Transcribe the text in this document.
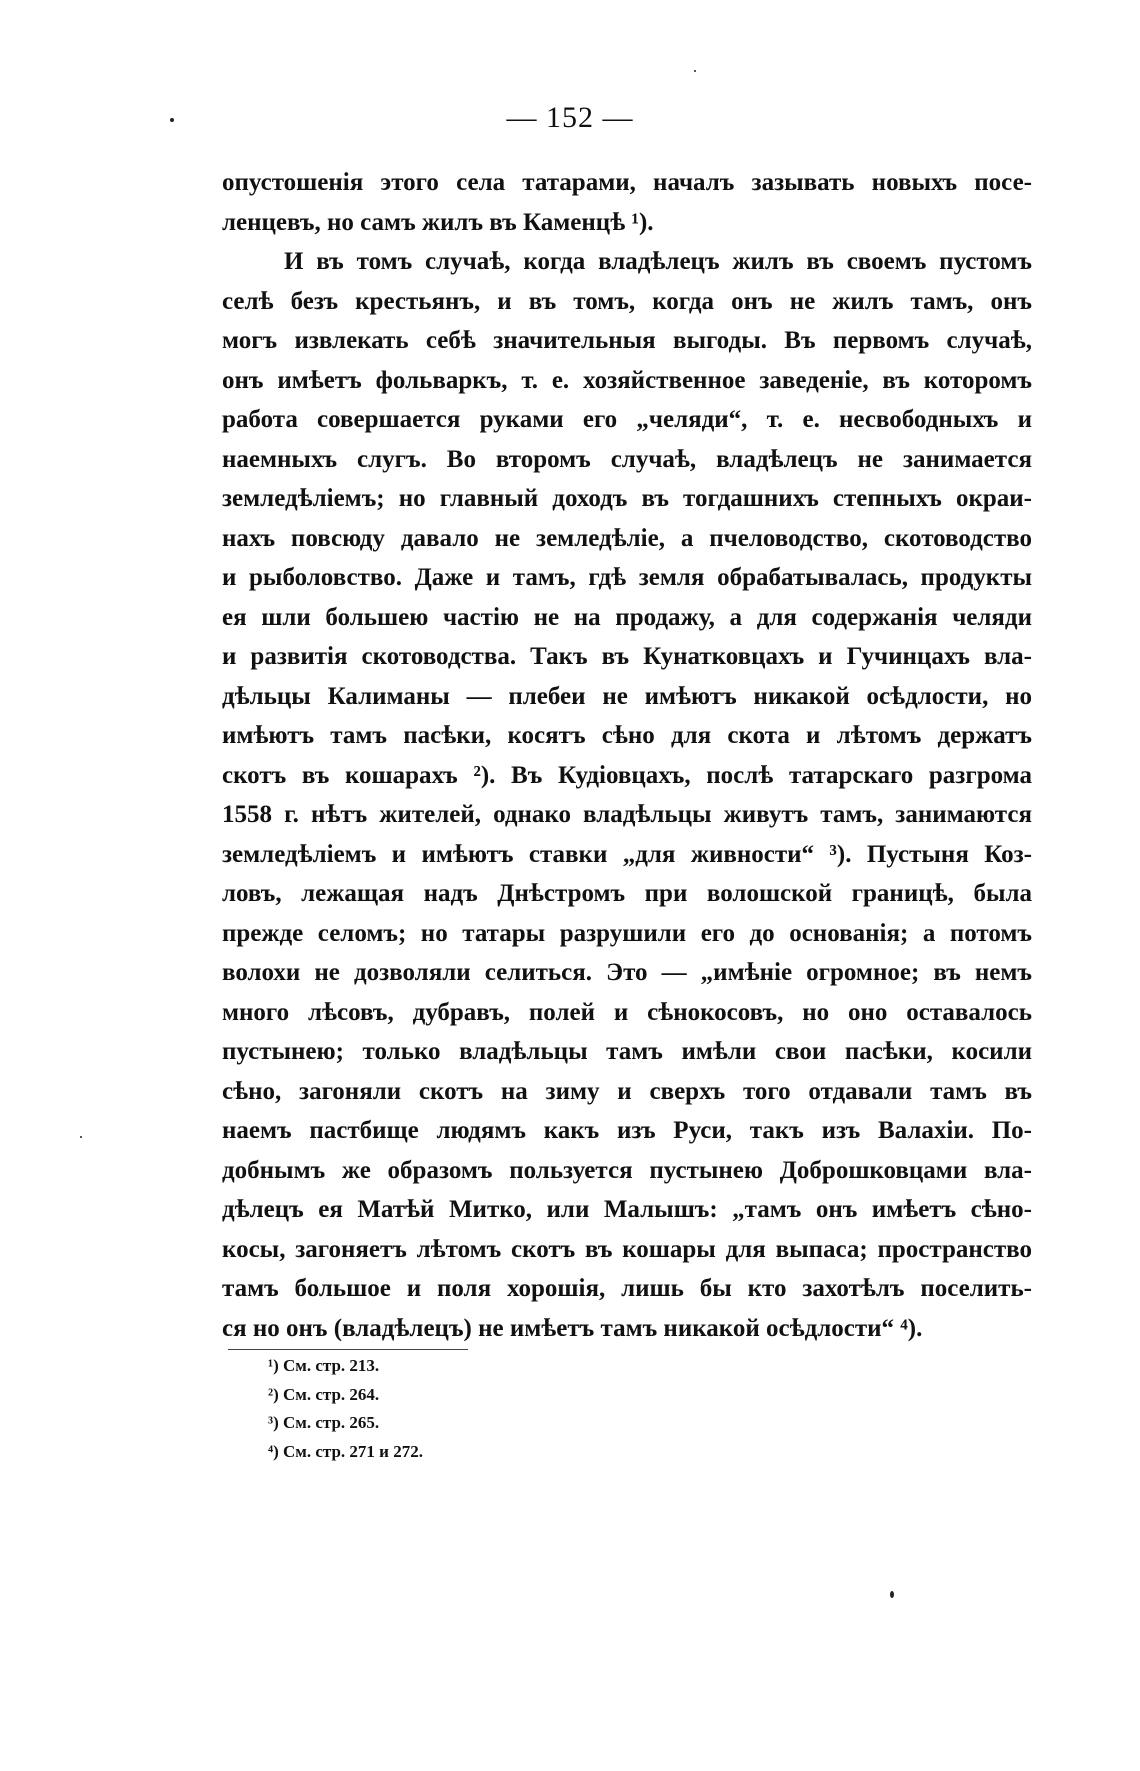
— 152 —
опустошенія этого села татарами, началъ зазывать новыхъ посе-
ленцевъ, но самъ жилъ въ Каменцѣ ¹).
И въ томъ случаѣ, когда владѣлецъ жилъ въ своемъ пустомъ
селѣ безъ крестьянъ, и въ томъ, когда онъ не жилъ тамъ, онъ
могъ извлекать себѣ значительныя выгоды. Въ первомъ случаѣ,
онъ имѣетъ фольваркъ, т. е. хозяйственное заведеніе, въ которомъ
работа совершается руками его „челяди“, т. е. несвободныхъ и
наемныхъ слугъ. Во второмъ случаѣ, владѣлецъ не занимается
земледѣліемъ; но главный доходъ въ тогдашнихъ степныхъ окраи-
нахъ повсюду давало не земледѣліе, а пчеловодство, скотоводство
и рыболовство. Даже и тамъ, гдѣ земля обрабатывалась, продукты
ея шли большею частію не на продажу, а для содержанія челяди
и развитія скотоводства. Такъ въ Кунатковцахъ и Гучинцахъ вла-
дѣльцы Калиманы — плебеи не имѣютъ никакой осѣдлости, но
имѣютъ тамъ пасѣки, косятъ сѣно для скота и лѣтомъ держатъ
скотъ въ кошарахъ ²). Въ Кудіовцахъ, послѣ татарскаго разгрома
1558 г. нѣтъ жителей, однако владѣльцы живутъ тамъ, занимаются
земледѣліемъ и имѣютъ ставки „для живности“ ³). Пустыня Коз-
ловъ, лежащая надъ Днѣстромъ при волошской границѣ, была
прежде селомъ; но татары разрушили его до основанія; а потомъ
волохи не дозволяли селиться. Это — „имѣніе огромное; въ немъ
много лѣсовъ, дубравъ, полей и сѣнокосовъ, но оно оставалось
пустынею; только владѣльцы тамъ имѣли свои пасѣки, косили
сѣно, загоняли скотъ на зиму и сверхъ того отдавали тамъ въ
наемъ пастбище людямъ какъ изъ Руси, такъ изъ Валахіи. По-
добнымъ же образомъ пользуется пустынею Доброшковцами вла-
дѣлецъ ея Матѣй Митко, или Малышъ: „тамъ онъ имѣетъ сѣно-
косы, загоняетъ лѣтомъ скотъ въ кошары для выпаса; пространство
тамъ большое и поля хорошія, лишь бы кто захотѣлъ поселить-
ся но онъ (владѣлецъ) не имѣетъ тамъ никакой осѣдлости“ ⁴).
¹) См. стр. 213.
²) См. стр. 264.
³) См. стр. 265.
⁴) См. стр. 271 и 272.
